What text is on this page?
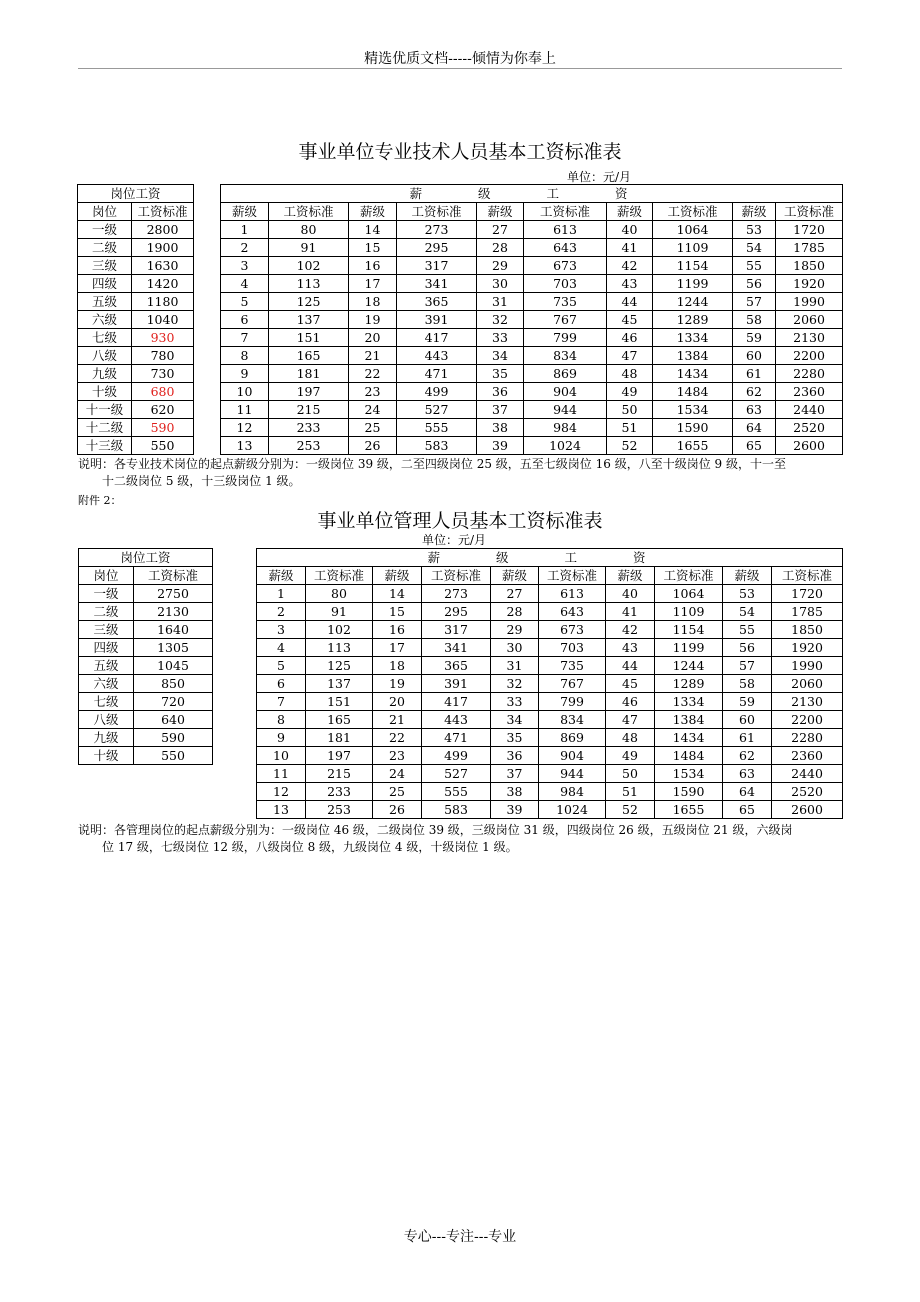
精选优质文档-----倾情为你奉上
事业单位专业技术人员基本工资标准表
单位：元/月
岗位工资	
岗位	工资标准
一级	2800
二级	1900
三级	1630
四级	1420
五级	1180
六级	1040
七级	930
八级	780
九级	730
十级	680
十一级	620
十二级	590
十三级	550
薪 级 工 资									
薪级	工资标准	薪级	工资标准	薪级	工资标准	薪级	工资标准	薪级	工资标准
1	80	14	273	27	613	40	1064	53	1720
2	91	15	295	28	643	41	1109	54	1785
3	102	16	317	29	673	42	1154	55	1850
4	113	17	341	30	703	43	1199	56	1920
5	125	18	365	31	735	44	1244	57	1990
6	137	19	391	32	767	45	1289	58	2060
7	151	20	417	33	799	46	1334	59	2130
8	165	21	443	34	834	47	1384	60	2200
9	181	22	471	35	869	48	1434	61	2280
10	197	23	499	36	904	49	1484	62	2360
11	215	24	527	37	944	50	1534	63	2440
12	233	25	555	38	984	51	1590	64	2520
13	253	26	583	39	1024	52	1655	65	2600
说明：各专业技术岗位的起点薪级分别为：一级岗位 39 级，二至四级岗位 25 级，五至七级岗位 16 级，八至十级岗位 9 级，十一至
十二级岗位 5 级，十三级岗位 1 级。
附件 2：
事业单位管理人员基本工资标准表
单位：元/月
岗位工资	
岗位	工资标准
一级	2750
二级	2130
三级	1640
四级	1305
五级	1045
六级	850
七级	720
八级	640
九级	590
十级	550
薪 级 工 资									
薪级	工资标准	薪级	工资标准	薪级	工资标准	薪级	工资标准	薪级	工资标准
1	80	14	273	27	613	40	1064	53	1720
2	91	15	295	28	643	41	1109	54	1785
3	102	16	317	29	673	42	1154	55	1850
4	113	17	341	30	703	43	1199	56	1920
5	125	18	365	31	735	44	1244	57	1990
6	137	19	391	32	767	45	1289	58	2060
7	151	20	417	33	799	46	1334	59	2130
8	165	21	443	34	834	47	1384	60	2200
9	181	22	471	35	869	48	1434	61	2280
10	197	23	499	36	904	49	1484	62	2360
11	215	24	527	37	944	50	1534	63	2440
12	233	25	555	38	984	51	1590	64	2520
13	253	26	583	39	1024	52	1655	65	2600
说明：各管理岗位的起点薪级分别为：一级岗位 46 级，二级岗位 39 级，三级岗位 31 级，四级岗位 26 级，五级岗位 21 级，六级岗
位 17 级，七级岗位 12 级，八级岗位 8 级，九级岗位 4 级，十级岗位 1 级。
专心---专注---专业
